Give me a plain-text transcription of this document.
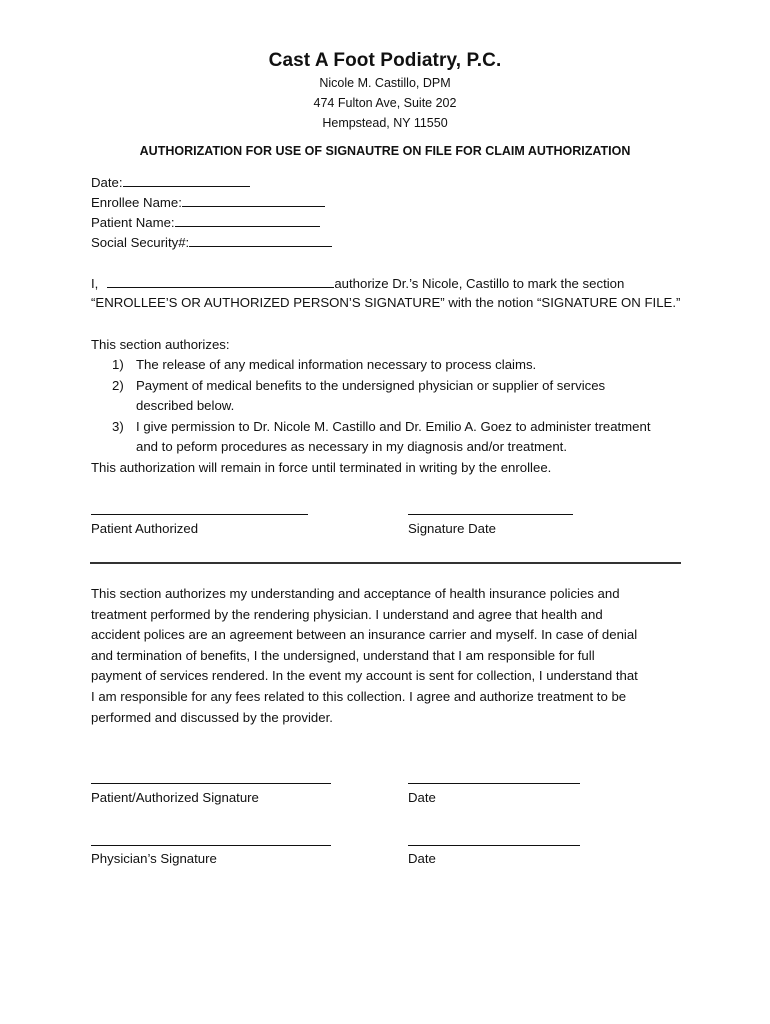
Cast A Foot Podiatry, P.C.
Nicole M. Castillo, DPM
474 Fulton Ave, Suite 202
Hempstead, NY 11550
AUTHORIZATION FOR USE OF SIGNAUTRE ON FILE FOR CLAIM AUTHORIZATION
Date:
Enrollee Name:
Patient Name:
Social Security#:
I,	authorize Dr.’s Nicole, Castillo to mark the section
“ENROLLEE’S OR AUTHORIZED PERSON’S SIGNATURE” with the notion “SIGNATURE ON FILE.”
This section authorizes:
1) The release of any medical information necessary to process claims.
2) Payment of medical benefits to the undersigned physician or supplier of services
described below.
3) I give permission to Dr. Nicole M. Castillo and Dr. Emilio A. Goez to administer treatment
and to peform procedures as necessary in my diagnosis and/or treatment.
This authorization will remain in force until terminated in writing by the enrollee.
Patient Authorized	Signature Date
This section authorizes my understanding and acceptance of health insurance policies and
treatment performed by the rendering physician. I understand and agree that health and
accident polices are an agreement between an insurance carrier and myself. In case of denial
and termination of benefits, I the undersigned, understand that I am responsible for full
payment of services rendered. In the event my account is sent for collection, I understand that
I am responsible for any fees related to this collection. I agree and authorize treatment to be
performed and discussed by the provider.
Patient/Authorized Signature	Date
Physician’s Signature	Date
